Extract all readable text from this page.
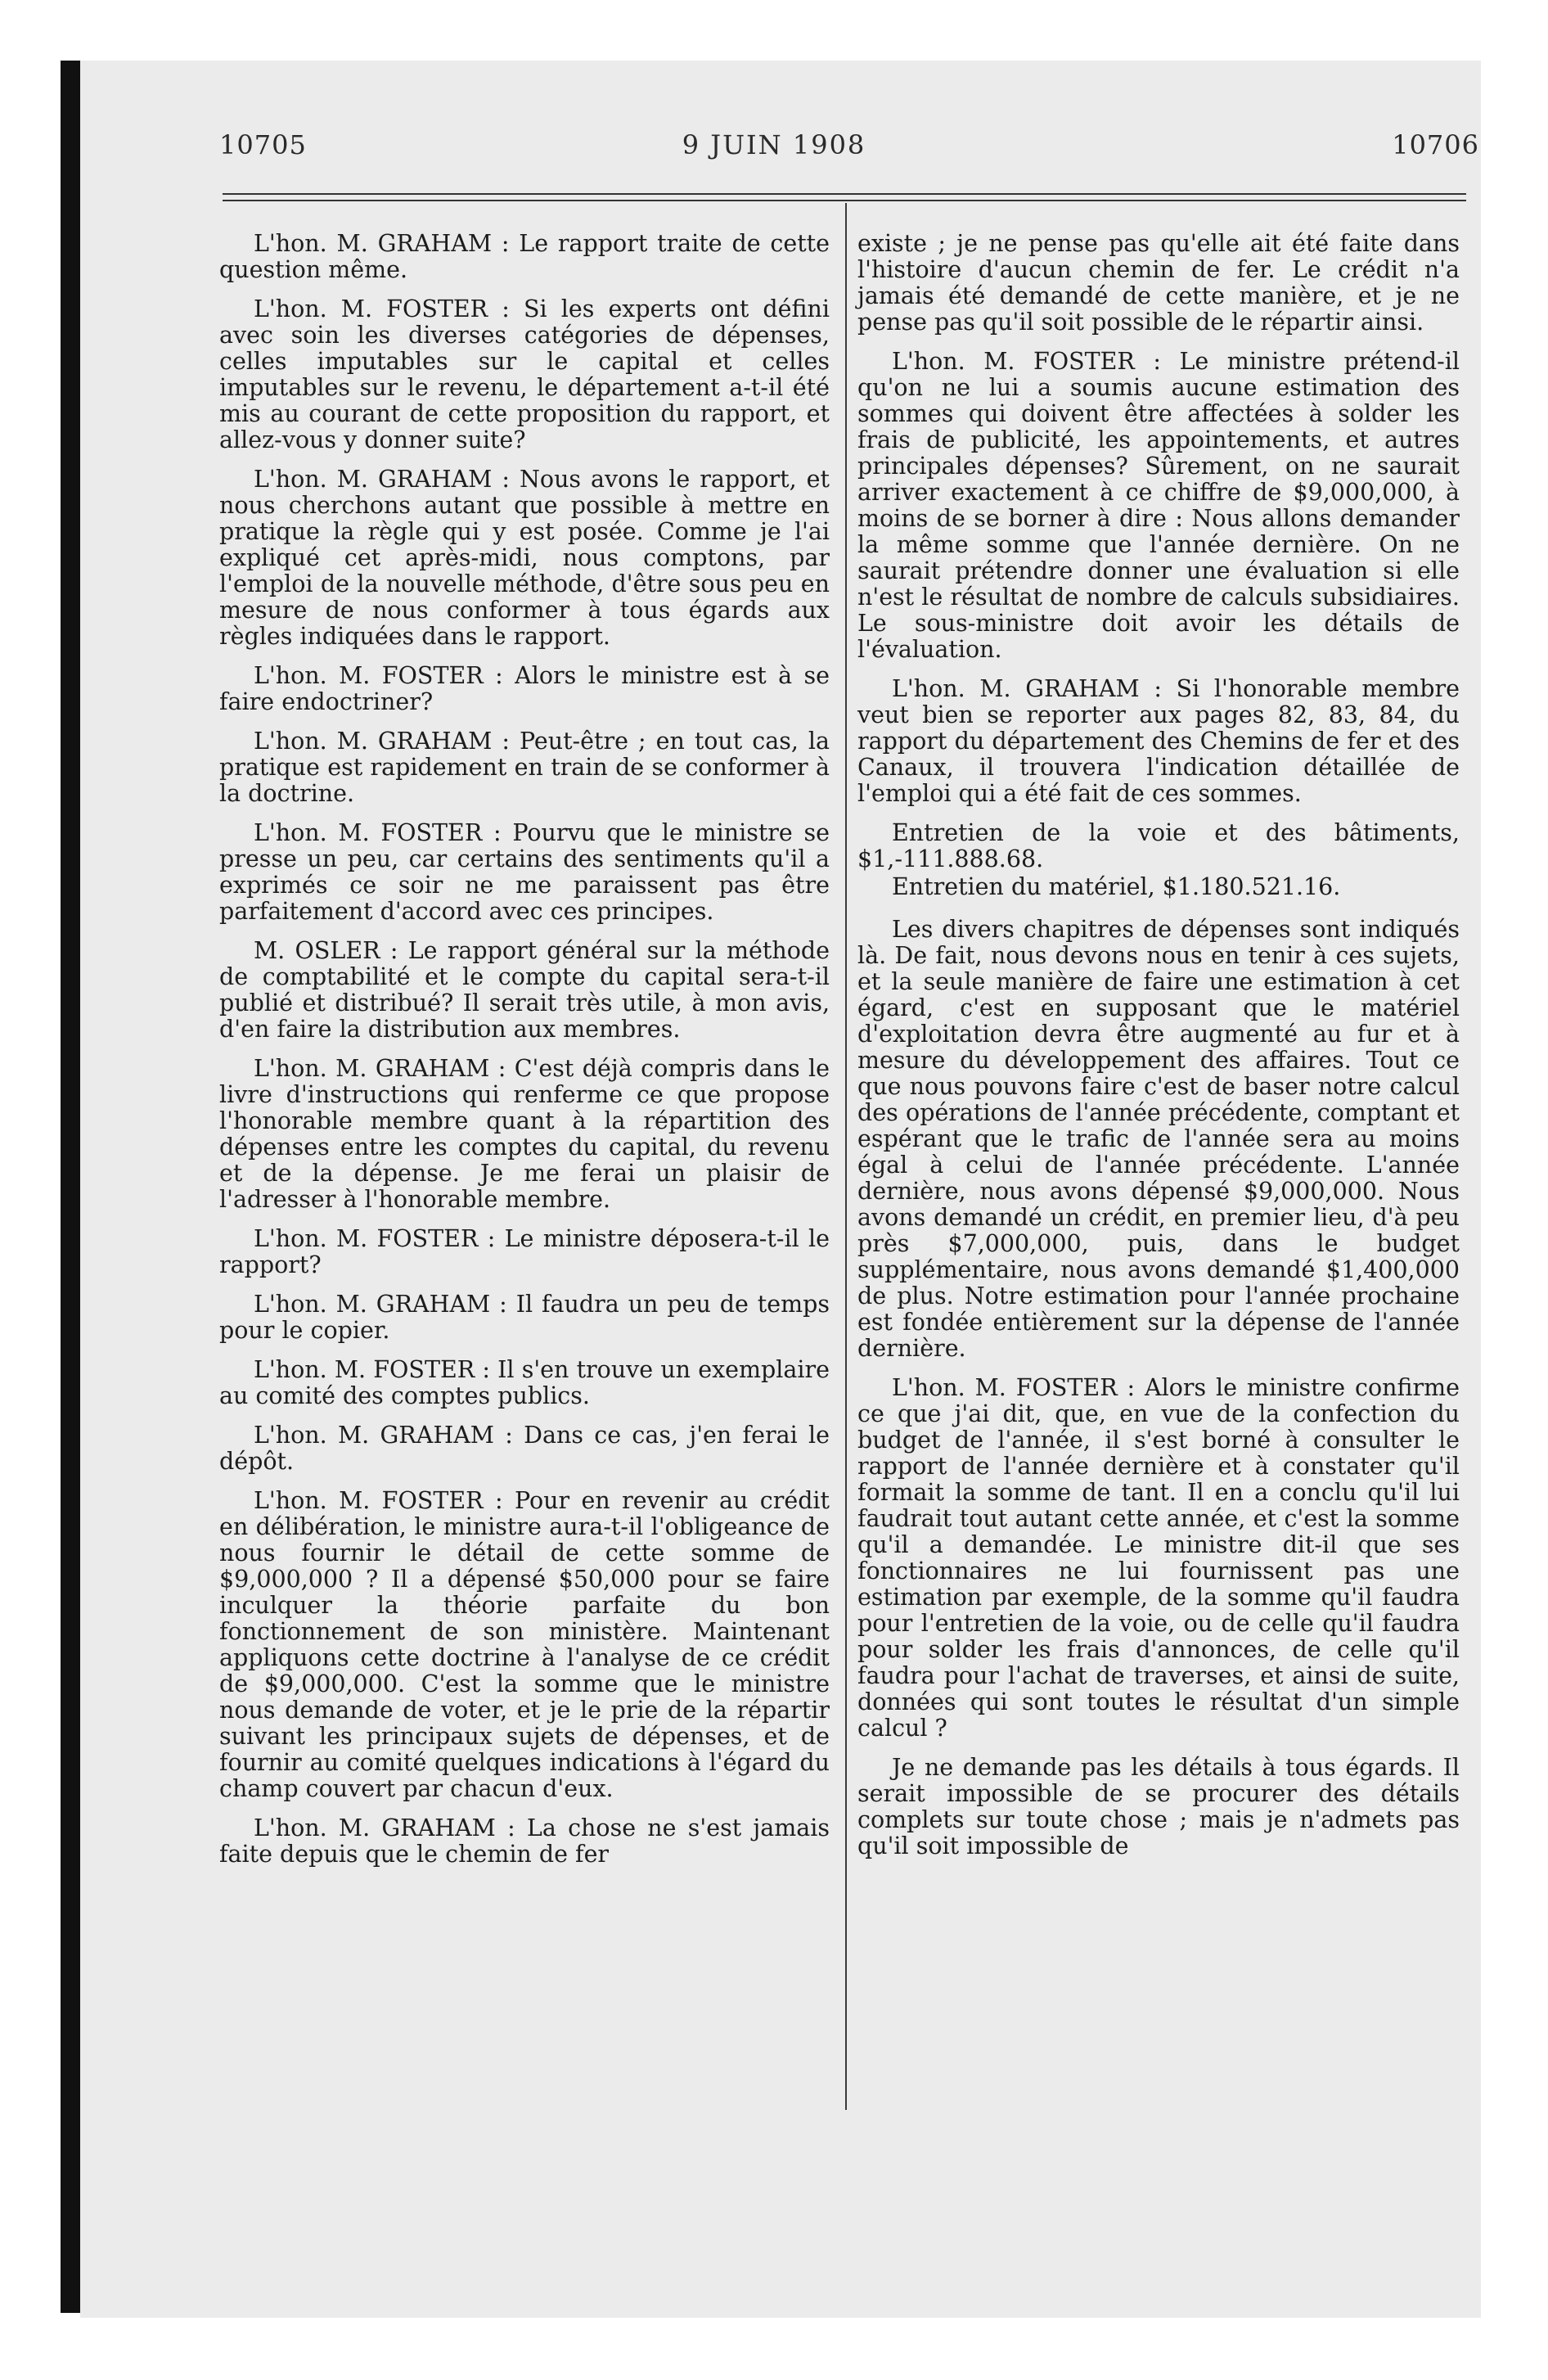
10705	9 JUIN 1908	10706

L'hon. M. GRAHAM : Le rapport traite de cette question même.

L'hon. M. FOSTER : Si les experts ont défini avec soin les diverses catégories de dépenses, celles imputables sur le capital et celles imputables sur le revenu, le département a-t-il été mis au courant de cette proposition du rapport, et allez-vous y donner suite?

L'hon. M. GRAHAM : Nous avons le rapport, et nous cherchons autant que possible à mettre en pratique la règle qui y est posée. Comme je l'ai expliqué cet après-midi, nous comptons, par l'emploi de la nouvelle méthode, d'être sous peu en mesure de nous conformer à tous égards aux règles indiquées dans le rapport.

L'hon. M. FOSTER : Alors le ministre est à se faire endoctriner?

L'hon. M. GRAHAM : Peut-être ; en tout cas, la pratique est rapidement en train de se conformer à la doctrine.

L'hon. M. FOSTER : Pourvu que le ministre se presse un peu, car certains des sentiments qu'il a exprimés ce soir ne me paraissent pas être parfaitement d'accord avec ces principes.

M. OSLER : Le rapport général sur la méthode de comptabilité et le compte du capital sera-t-il publié et distribué? Il serait très utile, à mon avis, d'en faire la distribution aux membres.

L'hon. M. GRAHAM : C'est déjà compris dans le livre d'instructions qui renferme ce que propose l'honorable membre quant à la répartition des dépenses entre les comptes du capital, du revenu et de la dépense. Je me ferai un plaisir de l'adresser à l'honorable membre.

L'hon. M. FOSTER : Le ministre déposera-t-il le rapport?

L'hon. M. GRAHAM : Il faudra un peu de temps pour le copier.

L'hon. M. FOSTER : Il s'en trouve un exemplaire au comité des comptes publics.

L'hon. M. GRAHAM : Dans ce cas, j'en ferai le dépôt.

L'hon. M. FOSTER : Pour en revenir au crédit en délibération, le ministre aura-t-il l'obligeance de nous fournir le détail de cette somme de $9,000,000 ? Il a dépensé $50,000 pour se faire inculquer la théorie parfaite du bon fonctionnement de son ministère. Maintenant appliquons cette doctrine à l'analyse de ce crédit de $9,000,000. C'est la somme que le ministre nous demande de voter, et je le prie de la répartir suivant les principaux sujets de dépenses, et de fournir au comité quelques indications à l'égard du champ couvert par chacun d'eux.

L'hon. M. GRAHAM : La chose ne s'est jamais faite depuis que le chemin de fer

existe ; je ne pense pas qu'elle ait été faite dans l'histoire d'aucun chemin de fer. Le crédit n'a jamais été demandé de cette manière, et je ne pense pas qu'il soit possible de le répartir ainsi.

L'hon. M. FOSTER : Le ministre prétend-il qu'on ne lui a soumis aucune estimation des sommes qui doivent être affectées à solder les frais de publicité, les appointements, et autres principales dépenses? Sûrement, on ne saurait arriver exactement à ce chiffre de $9,000,000, à moins de se borner à dire : Nous allons demander la même somme que l'année dernière. On ne saurait prétendre donner une évaluation si elle n'est le résultat de nombre de calculs subsidiaires. Le sous-ministre doit avoir les détails de l'évaluation.

L'hon. M. GRAHAM : Si l'honorable membre veut bien se reporter aux pages 82, 83, 84, du rapport du département des Chemins de fer et des Canaux, il trouvera l'indication détaillée de l'emploi qui a été fait de ces sommes.

Entretien de la voie et des bâtiments, $1,-111.888.68.

Entretien du matériel, $1.180.521.16.

Les divers chapitres de dépenses sont indiqués là. De fait, nous devons nous en tenir à ces sujets, et la seule manière de faire une estimation à cet égard, c'est en supposant que le matériel d'exploitation devra être augmenté au fur et à mesure du développement des affaires. Tout ce que nous pouvons faire c'est de baser notre calcul des opérations de l'année précédente, comptant et espérant que le trafic de l'année sera au moins égal à celui de l'année précédente. L'année dernière, nous avons dépensé $9,000,000. Nous avons demandé un crédit, en premier lieu, d'à peu près $7,000,000, puis, dans le budget supplémentaire, nous avons demandé $1,400,000 de plus. Notre estimation pour l'année prochaine est fondée entièrement sur la dépense de l'année dernière.

L'hon. M. FOSTER : Alors le ministre confirme ce que j'ai dit, que, en vue de la confection du budget de l'année, il s'est borné à consulter le rapport de l'année dernière et à constater qu'il formait la somme de tant. Il en a conclu qu'il lui faudrait tout autant cette année, et c'est la somme qu'il a demandée. Le ministre dit-il que ses fonctionnaires ne lui fournissent pas une estimation par exemple, de la somme qu'il faudra pour l'entretien de la voie, ou de celle qu'il faudra pour solder les frais d'annonces, de celle qu'il faudra pour l'achat de traverses, et ainsi de suite, données qui sont toutes le résultat d'un simple calcul ?

Je ne demande pas les détails à tous égards. Il serait impossible de se procurer des détails complets sur toute chose ; mais je n'admets pas qu'il soit impossible de
